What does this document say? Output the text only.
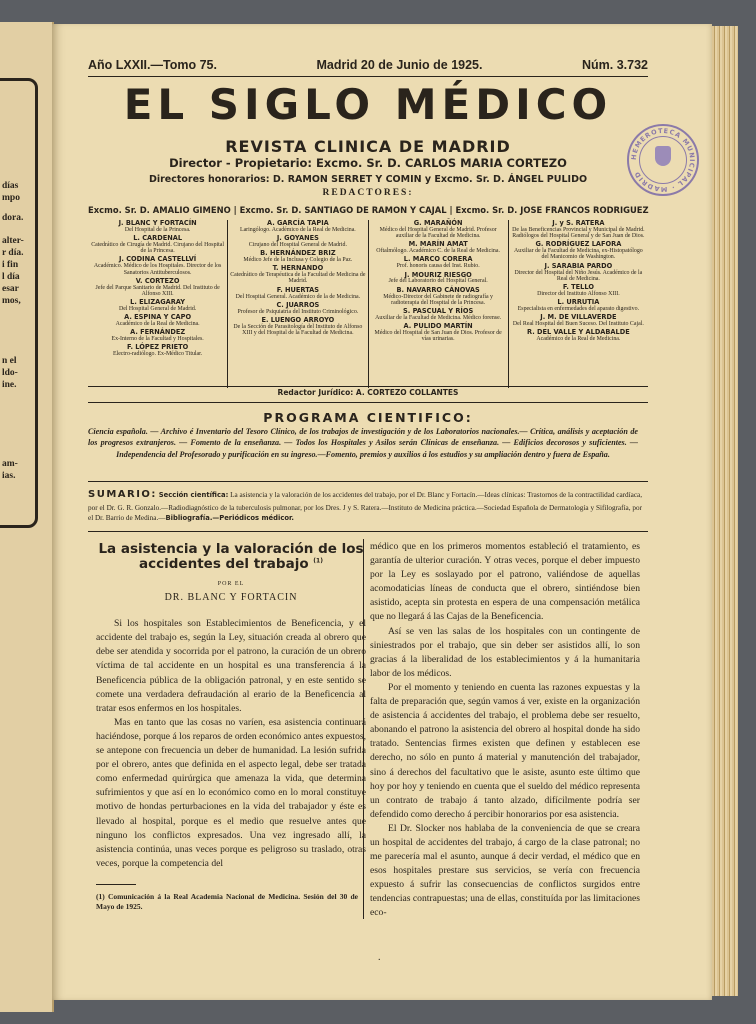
días
mpo
dora.
alter-
r día.
i fin
l día
esar
mos,
n el
ldo-
ine.
am-
ias.
Año LXXII.—Tomo 75.	Madrid 20 de Junio de 1925.	Núm. 3.732
EL SIGLO MÉDICO
REVISTA CLINICA DE MADRID
Director - Propietario: Excmo. Sr. D. CARLOS MARIA CORTEZO
Directores honorarios: D. RAMON SERRET Y COMIN y Excmo. Sr. D. ÁNGEL PULIDO
REDACTORES:
Excmo. Sr. D. AMALIO GIMENO | Excmo. Sr. D. SANTIAGO DE RAMON Y CAJAL | Excmo. Sr. D. JOSE FRANCOS RODRIGUEZ
HEMEROTECA MUNICIPAL · MADRID
J. BLANC Y FORTACÍN
Del Hospital de la Princesa.
L. CARDENAL
Catedrático de Cirugía de Madrid. Cirujano del Hospital de la Princesa.
J. CODINA CASTELLVÍ
Académico. Médico de los Hospitales. Director de los Sanatorios Antituberculosos.
V. CORTEZO
Jefe del Parque Sanitario de Madrid. Del Instituto de Alfonso XIII.
L. ELIZAGARAY
Del Hospital General de Madrid.
A. ESPINA Y CAPO
Académico de la Real de Medicina.
A. FERNÁNDEZ
Ex-Interno de la Facultad y Hospitales.
F. LÓPEZ PRIETO
Electro-radiólogo. Ex-Médico Titular.
A. GARCÍA TAPIA
Laringólogo. Académico de la Real de Medicina.
J. GOYANES
Cirujano del Hospital General de Madrid.
B. HERNÁNDEZ BRIZ
Médico Jefe de la Inclusa y Colegio de la Paz.
T. HERNANDO
Catedrático de Terapéutica de la Facultad de Medicina de Madrid.
F. HUERTAS
Del Hospital General. Académico de la de Medicina.
C. JUARROS
Profesor de Psiquiatría del Instituto Criminológico.
E. LUENGO ARROYO
De la Sección de Parasitología del Instituto de Alfonso XIII y del Hospital de la Facultad de Medicina.
G. MARAÑÓN
Médico del Hospital General de Madrid. Profesor auxiliar de la Facultad de Medicina.
M. MARÍN AMAT
Oftalmólogo. Académico C. de la Real de Medicina.
L. MARCO CORERA
Prof. honoris causa del Inst. Rubio.
J. MOURIZ RIESGO
Jefe del Laboratorio del Hospital General.
B. NAVARRO CÁNOVAS
Médico-Director del Gabinete de radiografía y radioterapia del Hospital de la Princesa.
S. PASCUAL Y RÍOS
Auxiliar de la Facultad de Medicina. Médico forense.
A. PULIDO MARTÍN
Médico del Hospital de San Juan de Dios. Profesor de vías urinarias.
J. y S. RATERA
De las Beneficencias Provincial y Municipal de Madrid. Radiólogos del Hospital General y de San Juan de Dios.
G. RODRÍGUEZ LAFORA
Auxiliar de la Facultad de Medicina, ex-Histopatólogo del Manicomio de Washington.
J. SARABIA PARDO
Director del Hospital del Niño Jesús. Académico de la Real de Medicina.
F. TELLO
Director del Instituto Alfonso XIII.
L. URRUTIA
Especialista en enfermedades del aparato digestivo.
J. M. DE VILLAVERDE
Del Real Hospital del Buen Suceso. Del Instituto Cajal.
R. DEL VALLE Y ALDABALDE
Académico de la Real de Medicina.
Redactor Jurídico: A. CORTEZO COLLANTES
PROGRAMA CIENTIFICO:
Ciencia española. — Archivo é Inventario del Tesoro Clínico, de los trabajos de investigación y de los Laboratorios nacionales.— Crítica, análisis y aceptación de los progresos extranjeros. — Fomento de la enseñanza. — Todos los Hospitales y Asilos serán Clínicas de enseñanza. — Edificios decorosos y suficientes. —Independencia del Profesorado y purificación en su ingreso.—Fomento, premios y auxilios á los estudios y su ampliación dentro y fuera de España.
SUMARIO: Sección científica: La asistencia y la valoración de los accidentes del trabajo, por el Dr. Blanc y Fortacín.—Ideas clínicas: Trastornos de la contractilidad cardíaca, por el Dr. G. R. Gonzalo.—Radiodiagnóstico de la tuberculosis pulmonar, por los Dres. J y S. Ratera.—Instituto de Medicina práctica.—Sociedad Española de Dermatología y Sifilografía, por el Dr. Barrio de Medina.—Bibliografía.—Periódicos médicor.
La asistencia y la valoración de los accidentes del trabajo $^{(1)}$
POR EL
DR. BLANC Y FORTACIN

Si los hospitales son Establecimientos de Beneficencia, y el accidente del trabajo es, según la Ley, situación creada al obrero que debe ser atendida y socorrida por el patrono, la curación de un obrero víctima de tal accidente en un hospital es una transferencia á la Beneficencia pública de la obligación patronal, y en este sentido se comete una verdadera defraudación al erario de la Beneficencia al tratar esos enfermos en los hospitales.

Mas en tanto que las cosas no varíen, esa asistencia continuará haciéndose, porque á los reparos de orden económico antes expuestos, se antepone con frecuencia un deber de humanidad. La lesión sufrida por el obrero, antes que definida en el aspecto legal, debe ser tratada como enfermedad quirúrgica que amenaza la vida, que determina sufrimientos y que así en lo económico como en lo moral constituye motivo de hondas perturbaciones en la vida del trabajador y éste es llevado al hospital, porque es el medio que resuelve antes que ninguno los conflictos expresados. Una vez ingresado allí, la asistencia continúa, unas veces porque es peligroso su traslado, otras veces, porque la competencia del

médico que en los primeros momentos estableció el tratamiento, es garantía de ulterior curación. Y otras veces, porque el deber impuesto por la Ley es soslayado por el patrono, valiéndose de aquellas acomodaticias líneas de conducta que el obrero, sintiéndose bien asistido, acepta sin protesta en espera de una compensación metálica que no llegará á las Cajas de la Beneficencia.

Así se ven las salas de los hospitales con un contingente de siniestrados por el trabajo, que sin deber ser asistidos allí, lo son gracias á la liberalidad de los establecimientos y á la humanitaria labor de los médicos.

Por el momento y teniendo en cuenta las razones expuestas y la falta de preparación que, según vamos á ver, existe en la organización de asistencia á accidentes del trabajo, el problema debe ser resuelto, abonando el patrono la asistencia del obrero al hospital donde ha sido tratado. Sentencias firmes existen que definen y establecen ese derecho, no sólo en punto á material y manutención del trabajador, sino á derechos del facultativo que le asiste, asunto este último que hoy por hoy y teniendo en cuenta que el sueldo del médico representa un contrato de trabajo á tanto alzado, difícilmente podría ser defendido como derecho á percibir honorarios por esa asistencia.

El Dr. Slocker nos hablaba de la conveniencia de que se creara un hospital de accidentes del trabajo, á cargo de la clase patronal; no me parecería mal el asunto, aunque á decir verdad, el médico que en esos hospitales prestare sus servicios, se vería con frecuencia expuesto á sufrir las consecuencias de conflictos surgidos entre tendencias contrapuestas; una de ellas, constituída por las limitaciones eco-

(1) Comunicación á la Real Academia Nacional de Medicina. Sesión del 30 de Mayo de 1925.
.
